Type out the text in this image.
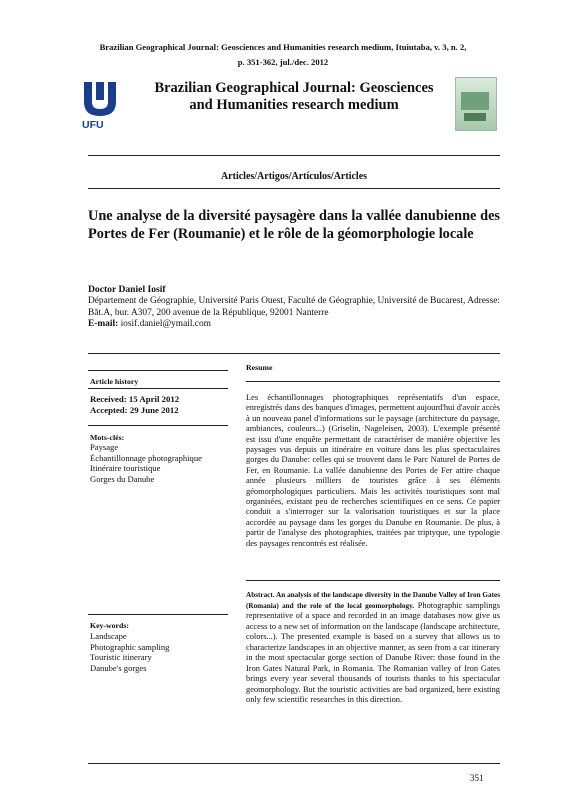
Brazilian Geographical Journal: Geosciences and Humanities research medium, Ituiutaba, v. 3, n. 2,
p. 351-362, jul./dec. 2012
UFU
Brazilian Geographical Journal: Geosciences and Humanities research medium
Articles/Artigos/Artículos/Articles
Une analyse de la diversité paysagère dans la vallée danubienne des Portes de Fer (Roumanie) et le rôle de la géomorphologie locale
Doctor Daniel Iosif
Département de Géographie, Université Paris Ouest, Faculté de Géographie, Université de Bucarest, Adresse: Băt.A, bur. A307, 200 avenue de la République, 92001 Nanterre
E-mail: iosif.daniel@ymail.com
Article history
Received: 15 April 2012
Accepted: 29 June 2012
Mots-clés:
Paysage
Échantillonnage photographique
Itinéraire touristique
Gorges du Danube
Key-words:
Landscape
Photographic sampling
Touristic itinerary
Danube's gorges
Resume
Les échantillonnages photographiques représentatifs d'un espace, enregistrés dans des banques d'images, permettent aujourd'hui d'avoir accès à un nouveau panel d'informations sur le paysage (architecture du paysage, ambiances, couleurs...) (Griselin, Nageleisen, 2003). L'exemple présenté est issu d'une enquête permettant de caractériser de manière objective les paysages vus depuis un itinéraire en voiture dans les plus spectaculaires gorges du Danube: celles qui se trouvent dans le Parc Naturel de Portes de Fer, en Roumanie. La vallée danubienne des Portes de Fer attire chaque année plusieurs milliers de touristes grâce à ses éléments géomorphologiques particuliers. Mais les activités touristiques sont mal organisées, existant peu de recherches scientifiques en ce sens. Ce papier conduit a s'interroger sur la valorisation touristiques et sur la place accordée au paysage dans les gorges du Danube en Roumanie. De plus, à partir de l'analyse des photographies, traitées par triptyque, une typologie des paysages rencontrés est réalisée.
Abstract. An analysis of the landscape diversity in the Danube Valley of Iron Gates (Romania) and the role of the local geomorphology. Photographic samplings representative of a space and recorded in an image databases now give us access to a new set of information on the landscape (landscape architecture, colors...). The presented example is based on a survey that allows us to characterize landscapes in an objective manner, as seen from a car itinerary in the most spectacular gorge section of Danube River: those found in the Iron Gates Natural Park, in Romania. The Romanian valley of Iron Gates brings every year several thousands of tourists thanks to his spectacular geomorphology. But the touristic activities are bad organized, here existing only few scientific researches in this direction.
351
